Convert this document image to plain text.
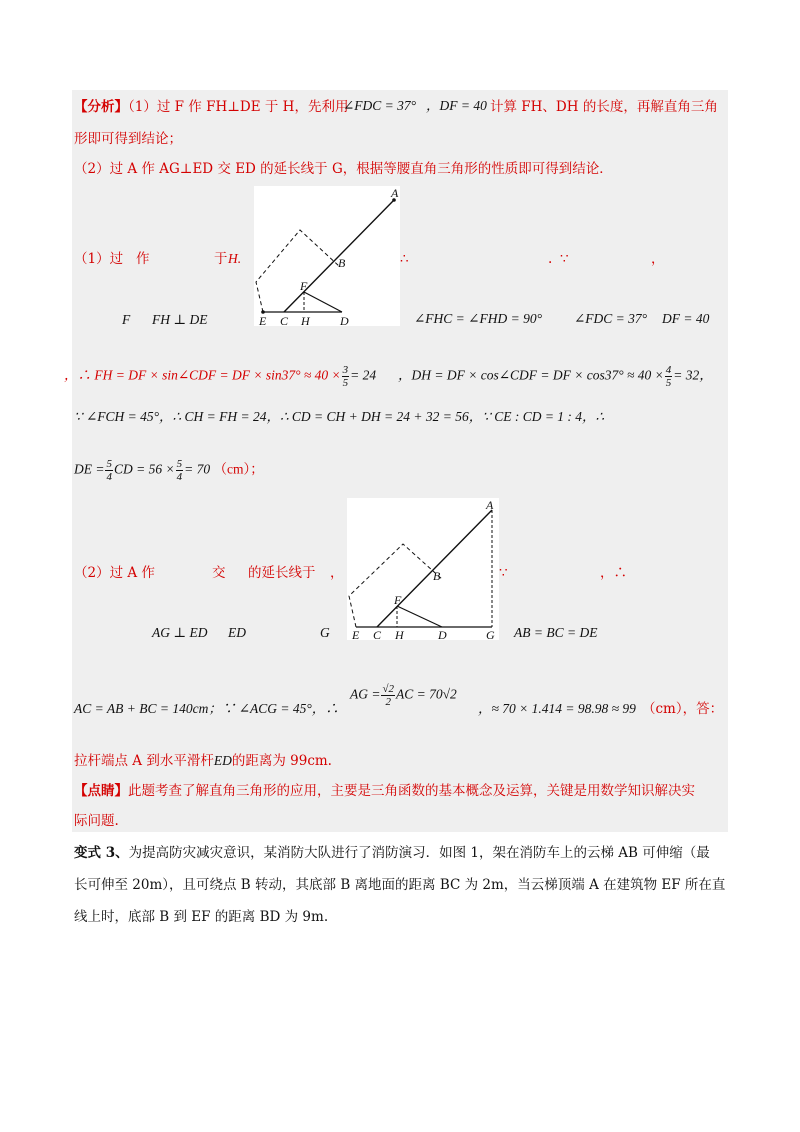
【分析】（1）过 F 作 FH⊥DE 于 H，先利用
∠FDC = 37° ，DF = 40 计算 FH、DH 的长度，再解直角三角
形即可得到结论；
（2）过 A 作 AG⊥ED 交 ED 的延长线于 G，根据等腰直角三角形的性质即可得到结论．
A
B
F
E C H	D
（1）过 作	于 H.	∴	. ∵	，
F FH ⊥ DE	∠FHC = ∠FHD = 90° ∠FDC = 37° DF = 40
，∴ FH = DF × sin∠CDF = DF × $\sin 37^\circ \approx 40 \times \frac{3}{5} = 24$ ，DH = DF × cos∠CDF = DF × $\cos 37^\circ \approx 40 \times \frac{4}{5} = 32$，
∵ ∠FCH = 45°，∴ CH = FH = 24，∴ CD = CH + DH = 24 + 32 = 56，∵ CE : CD = 1 : 4，∴
DE = $\frac{5}{4}$ CD = $56 \times \frac{5}{4} = 70$ （cm）；
A
B
F
E C H	D	G
（2）过 A 作	交 的延长线于 ，	∵	，∴
AG ⊥ ED ED	G	AB = BC = DE
AC = AB + BC = 140cm；∵ ∠ACG = 45°，∴
AG = $\frac{√2}{2}$ AC = 70√2
，≈ 70 × 1.414 = 98.98 ≈ 99 （cm），答：
拉杆端点 A 到水平滑杆ED的距离为 99cm.
【点睛】此题考查了解直角三角形的应用，主要是三角函数的基本概念及运算，关键是用数学知识解决实
际问题.
变式 3、为提高防灾减灾意识，某消防大队进行了消防演习．如图 1，架在消防车上的云梯 AB 可伸缩（最
长可伸至 20m），且可绕点 B 转动，其底部 B 离地面的距离 BC 为 2m，当云梯顶端 A 在建筑物 EF 所在直
线上时，底部 B 到 EF 的距离 BD 为 9m.
